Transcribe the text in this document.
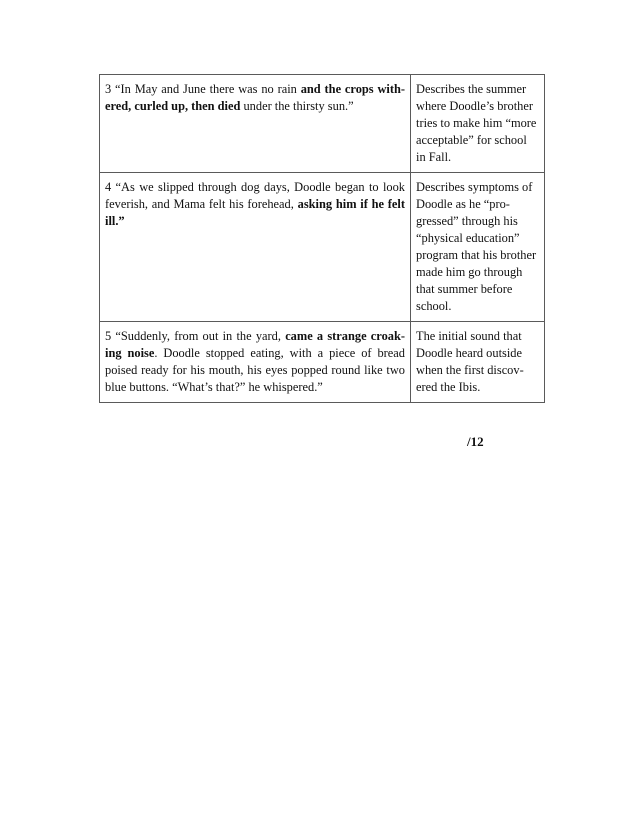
3 “In May and June there was no rain and the crops with-ered, curled up, then died under the thirsty sun.”	Describes the summer where Doodle’s brother tries to make him “more acceptable” for school in Fall.
4 “As we slipped through dog days, Doodle began to look feverish, and Mama felt his forehead, asking him if he felt ill.”	Describes symptoms of Doodle as he “pro-gressed” through his “physical education” program that his brother made him go through that summer before school.
5 “Suddenly, from out in the yard, came a strange croak-ing noise. Doodle stopped eating, with a piece of bread poised ready for his mouth, his eyes popped round like two blue buttons. “What’s that?” he whispered.”	The initial sound that Doodle heard outside when the first discov-ered the Ibis.
/12
